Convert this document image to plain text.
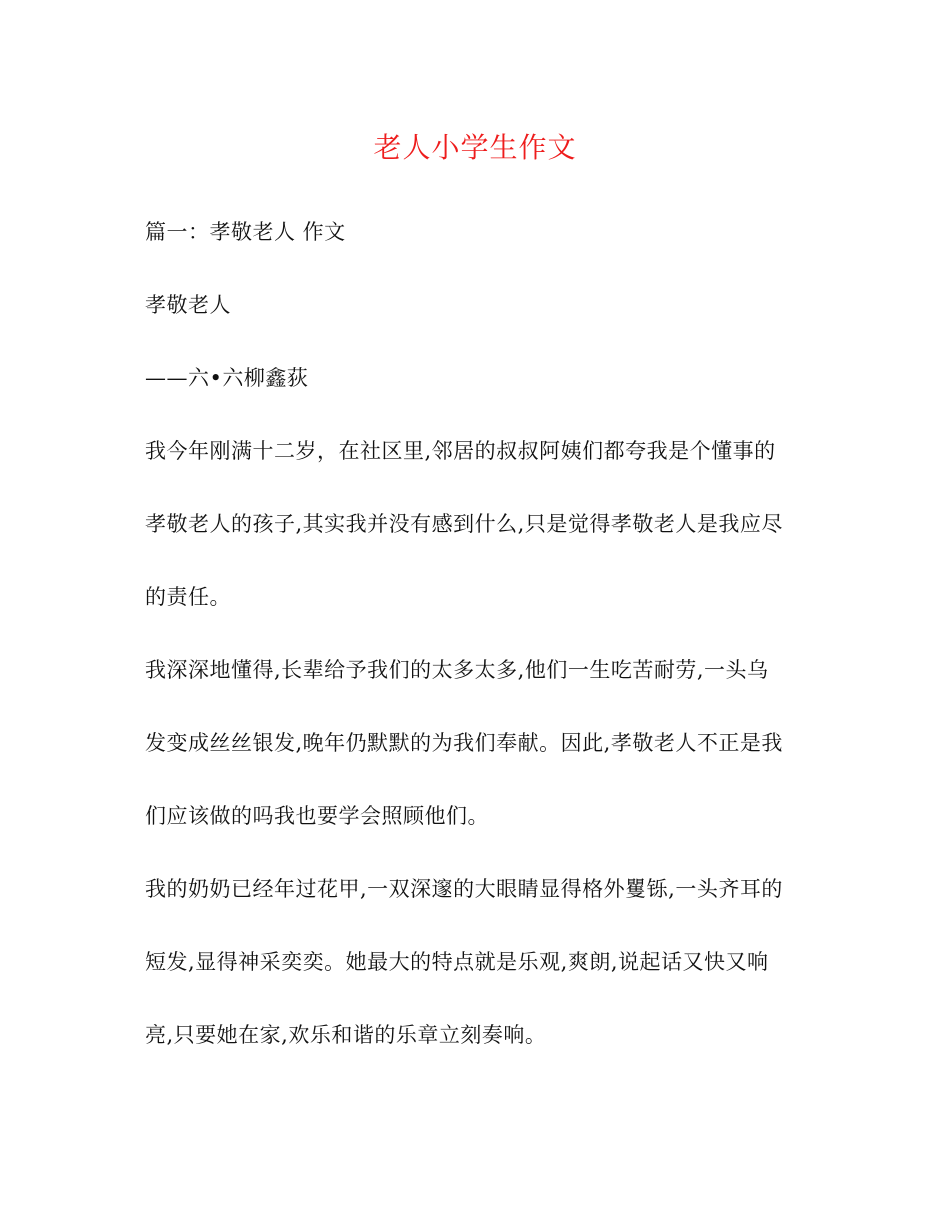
老人小学生作文
篇一：孝敬老人 作文
孝敬老人
——六•六柳鑫荻
我今年刚满十二岁，在社区里,邻居的叔叔阿姨们都夸我是个懂事的
孝敬老人的孩子,其实我并没有感到什么,只是觉得孝敬老人是我应尽
的责任。
我深深地懂得,长辈给予我们的太多太多,他们一生吃苦耐劳,一头乌
发变成丝丝银发,晚年仍默默的为我们奉献。因此,孝敬老人不正是我
们应该做的吗我也要学会照顾他们。
我的奶奶已经年过花甲,一双深邃的大眼睛显得格外矍铄,一头齐耳的
短发,显得神采奕奕。她最大的特点就是乐观,爽朗,说起话又快又响
亮,只要她在家,欢乐和谐的乐章立刻奏响。
